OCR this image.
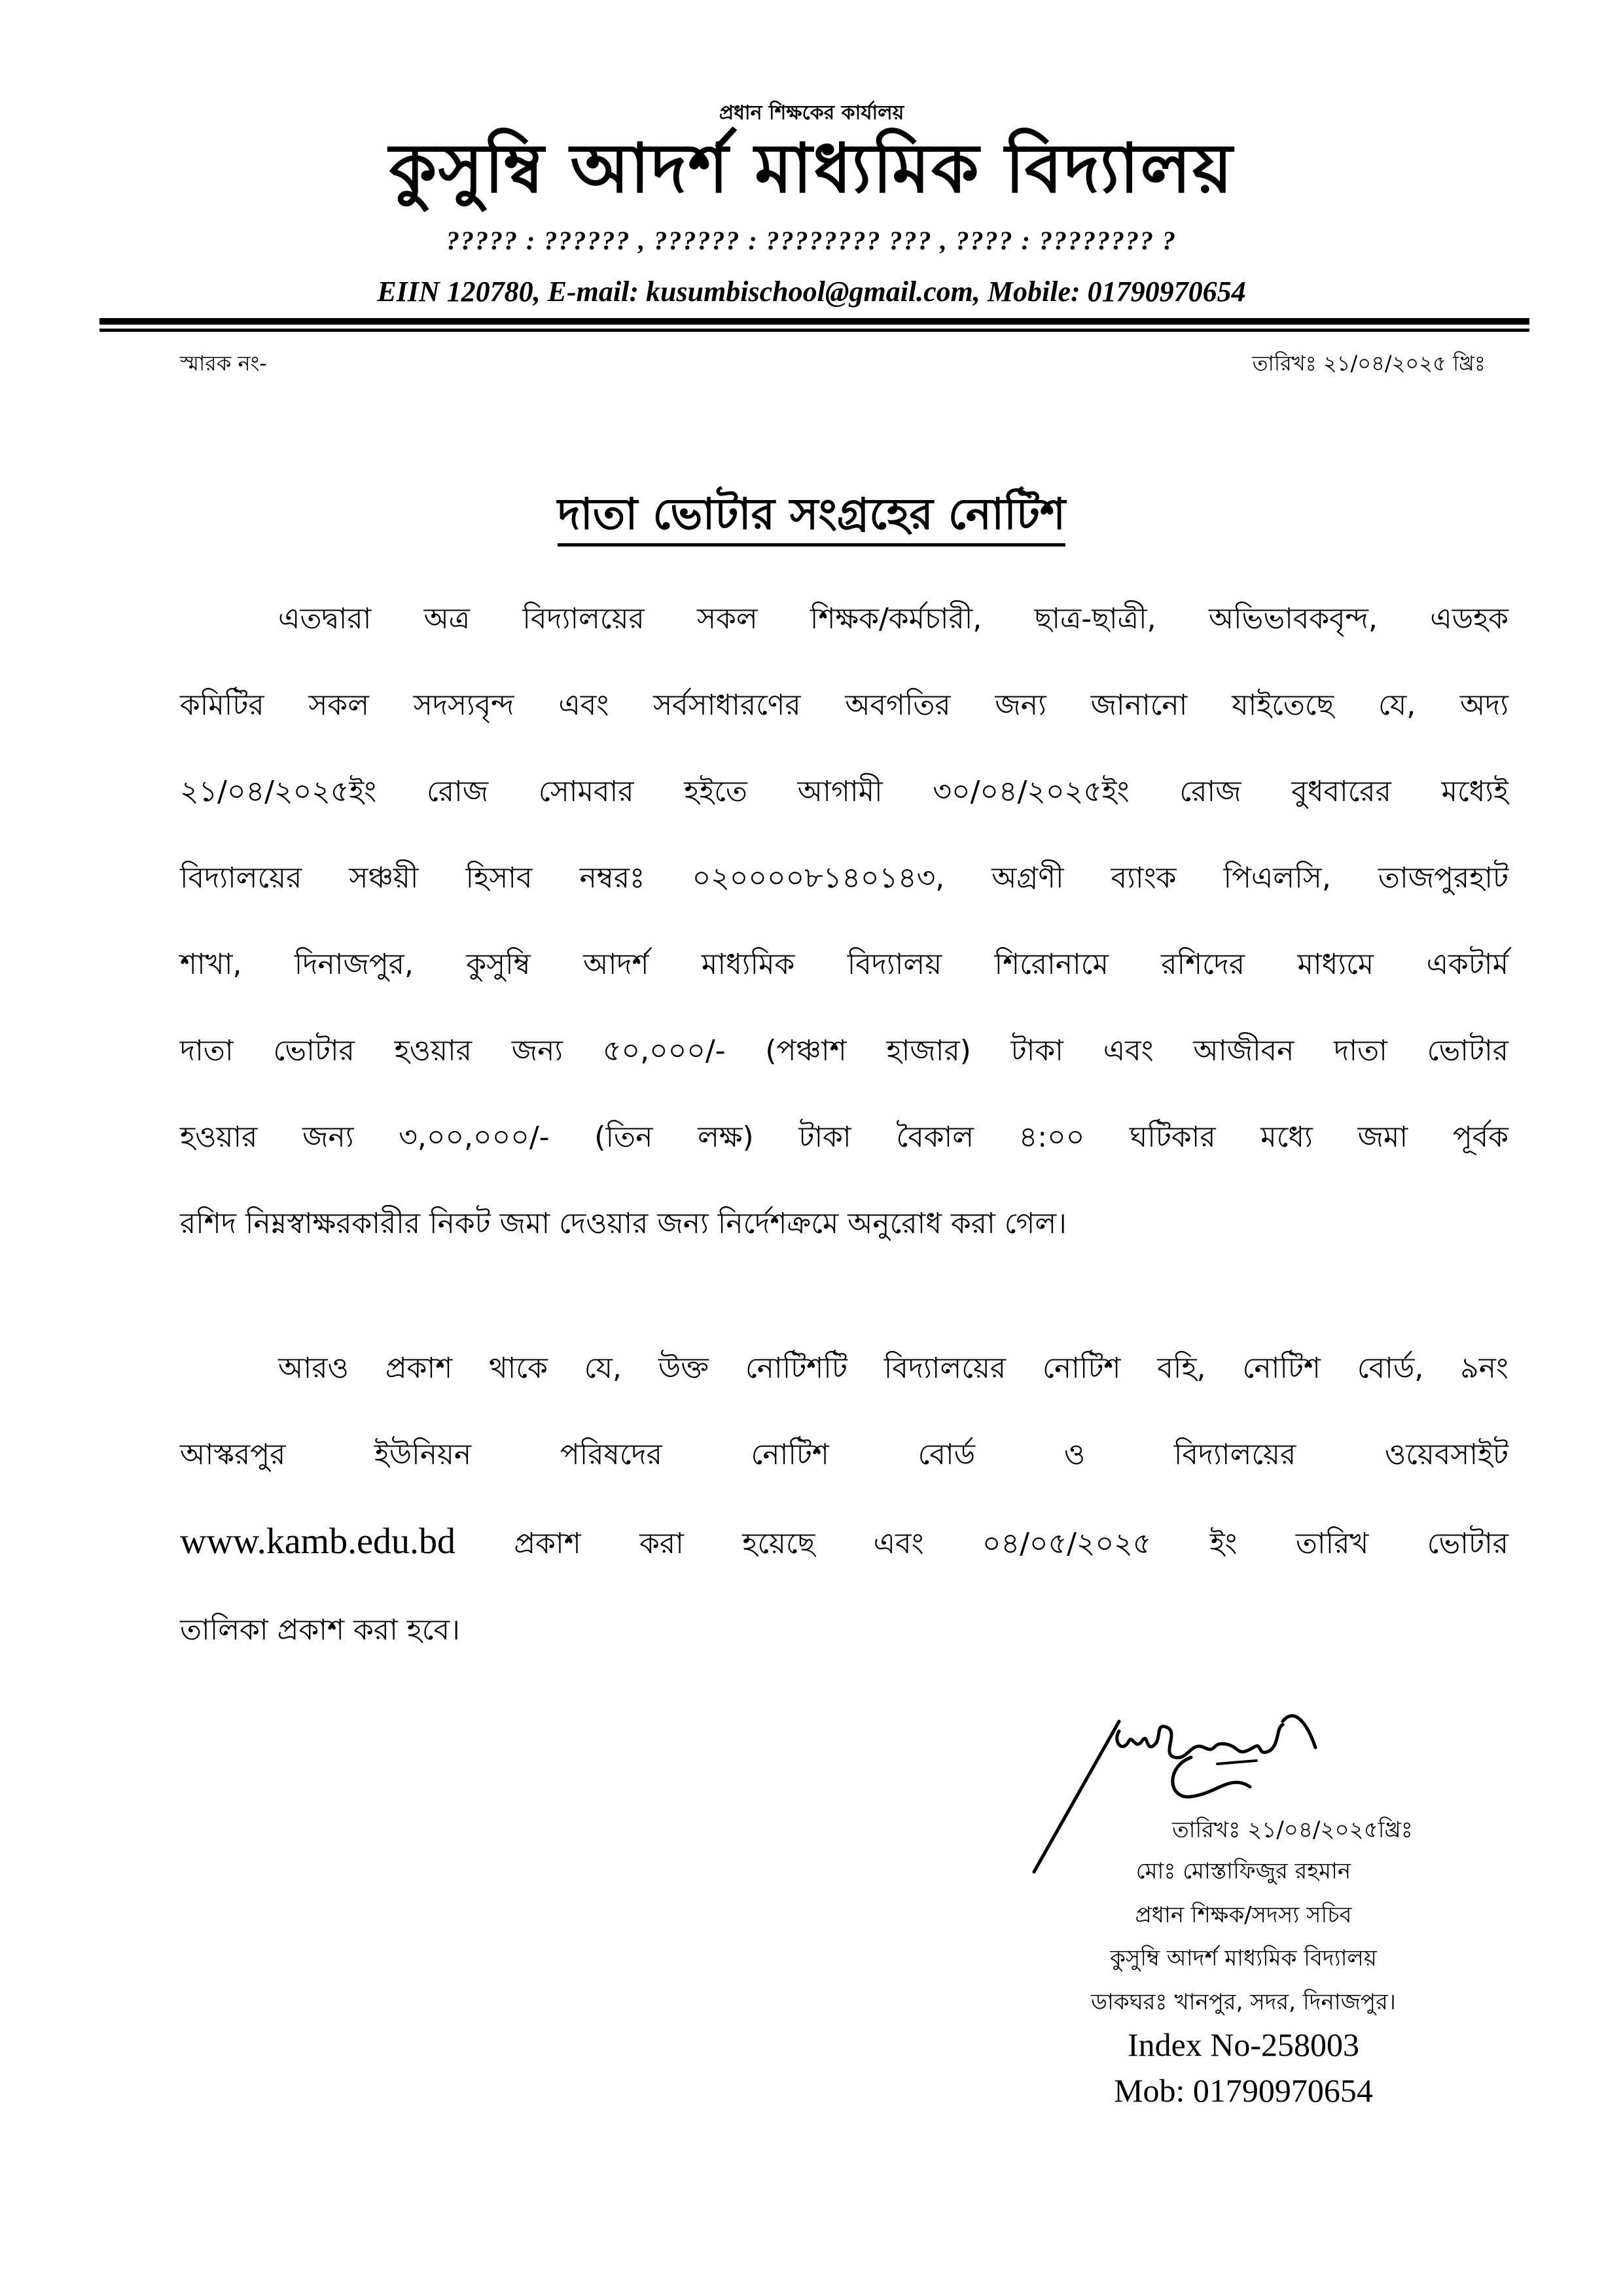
প্রধান শিক্ষকের কার্যালয়
কুসুম্বি আদর্শ মাধ্যমিক বিদ্যালয়
????? : ?????? , ?????? : ???????? ??? , ???? : ???????? ?
EIIN 120780, E-mail: kusumbischool@gmail.com, Mobile: 01790970654
স্মারক নং-	তারিখঃ ২১/০৪/২০২৫ খ্রিঃ
দাতা ভোটার সংগ্রহের নোটিশ
এতদ্বারা অত্র বিদ্যালয়ের সকল শিক্ষক/কর্মচারী, ছাত্র-ছাত্রী, অভিভাবকবৃন্দ, এডহক
কমিটির সকল সদস্যবৃন্দ এবং সর্বসাধারণের অবগতির জন্য জানানো যাইতেছে যে, অদ্য
২১/০৪/২০২৫ইং রোজ সোমবার হইতে আগামী ৩০/০৪/২০২৫ইং রোজ বুধবারের মধ্যেই
বিদ্যালয়ের সঞ্চয়ী হিসাব নম্বরঃ ০২০০০০৮১৪০১৪৩, অগ্রণী ব্যাংক পিএলসি, তাজপুরহাট
শাখা, দিনাজপুর, কুসুম্বি আদর্শ মাধ্যমিক বিদ্যালয় শিরোনামে রশিদের মাধ্যমে একটার্ম
দাতা ভোটার হওয়ার জন্য ৫০,০০০/- (পঞ্চাশ হাজার) টাকা এবং আজীবন দাতা ভোটার
হওয়ার জন্য ৩,০০,০০০/- (তিন লক্ষ) টাকা বৈকাল ৪:০০ ঘটিকার মধ্যে জমা পূর্বক
রশিদ নিম্নস্বাক্ষরকারীর নিকট জমা দেওয়ার জন্য নির্দেশক্রমে অনুরোধ করা গেল।
আরও প্রকাশ থাকে যে, উক্ত নোটিশটি বিদ্যালয়ের নোটিশ বহি, নোটিশ বোর্ড, ৯নং
আস্করপুর ইউনিয়ন পরিষদের নোটিশ বোর্ড ও বিদ্যালয়ের ওয়েবসাইট
www.kamb.edu.bd প্রকাশ করা হয়েছে এবং ০৪/০৫/২০২৫ ইং তারিখ ভোটার
তালিকা প্রকাশ করা হবে।
তারিখঃ ২১/০৪/২০২৫খ্রিঃ
মোঃ মোস্তাফিজুর রহমান
প্রধান শিক্ষক/সদস্য সচিব
কুসুম্বি আদর্শ মাধ্যমিক বিদ্যালয়
ডাকঘরঃ খানপুর, সদর, দিনাজপুর।
Index No-258003
Mob: 01790970654
